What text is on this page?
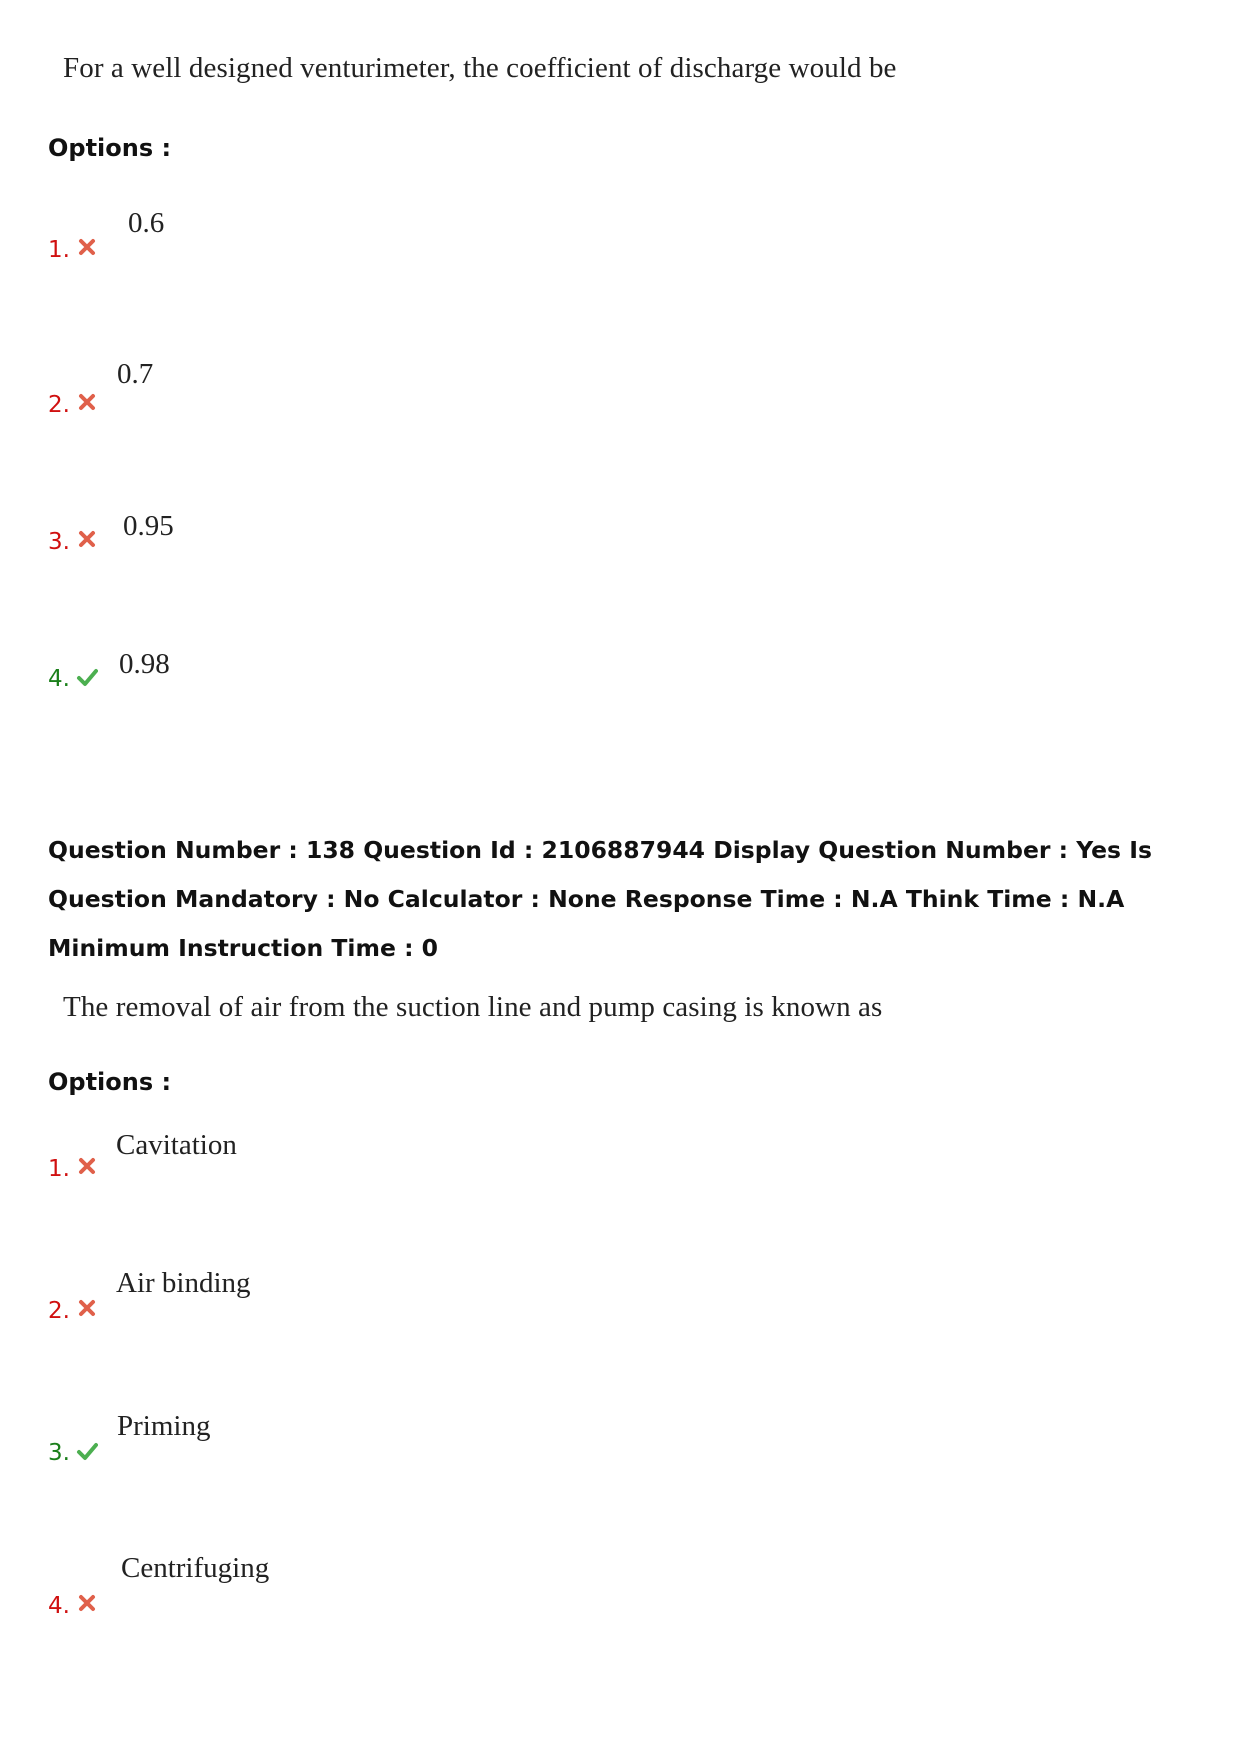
For a well designed venturimeter, the coefficient of discharge would be
Options :
1.
0.6
2.
0.7
3. 0.95
4. 0.98
Question Number : 138 Question Id : 2106887944 Display Question Number : Yes Is Question Mandatory : No Calculator : None Response Time : N.A Think Time : N.A Minimum Instruction Time : 0
The removal of air from the suction line and pump casing is known as
Options :
1.
Cavitation
2.
Air binding
3.
Priming
4.
Centrifuging
